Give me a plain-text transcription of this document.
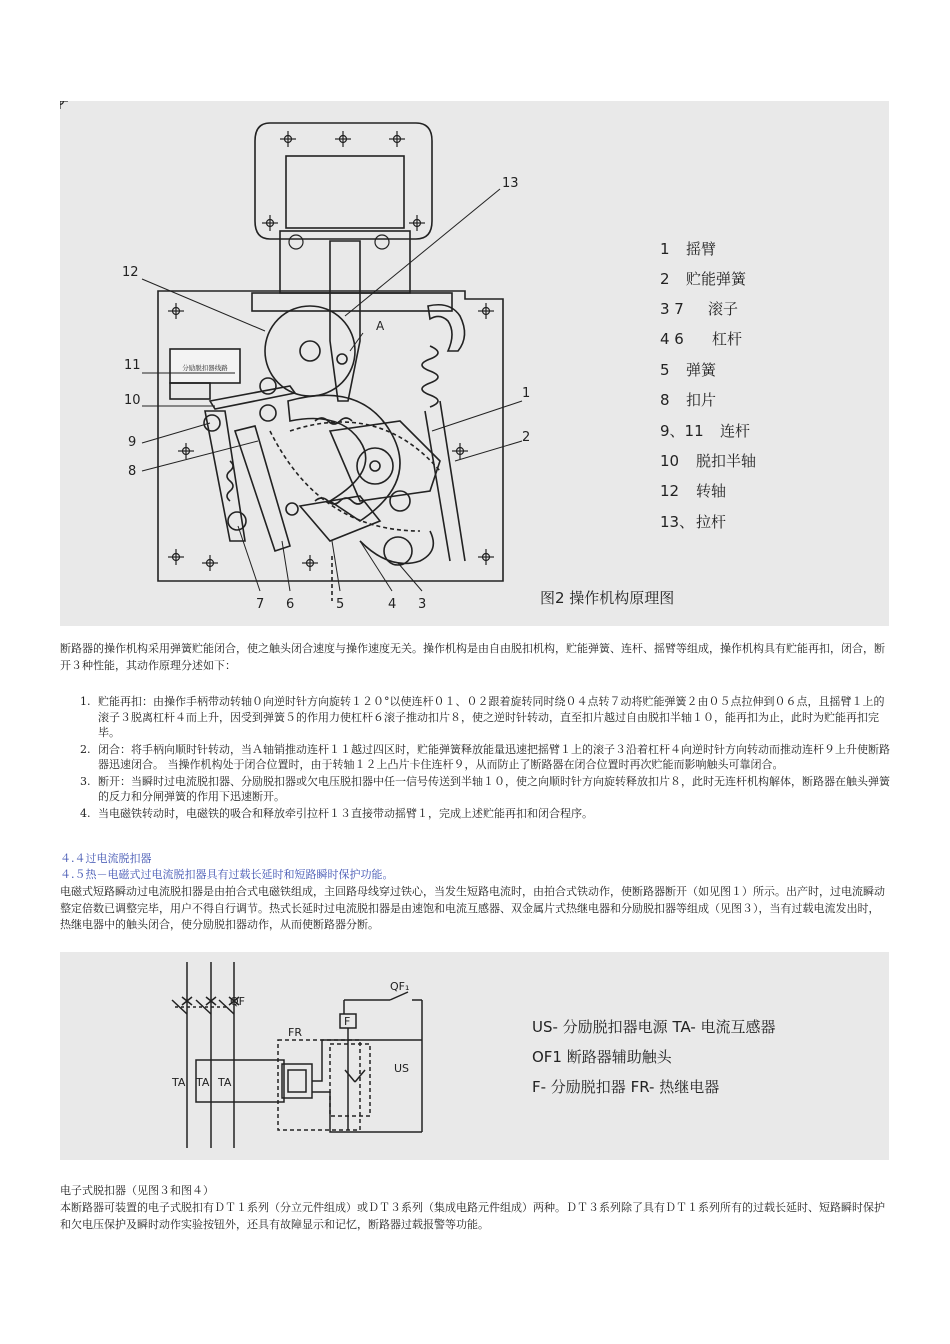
分励脱扣器线路
A
13
12
11
10
9
8
1
2
7 6	5	4 3
1 摇臂
2 贮能弹簧
3 7 滚子
4 6 杠杆
5 弹簧
8 扣片
9、11 连杆
10 脱扣半轴
12 转轴
13、 拉杆
图2 操作机构原理图

断路器的操作机构采用弹簧贮能闭合，使之触头闭合速度与操作速度无关。操作机构是由自由脱扣机构，贮能弹簧、连杆、摇臂等组成，操作机构具有贮能再扣，闭合，断开３种性能，其动作原理分述如下：

1. 贮能再扣：由操作手柄带动转轴０向逆时针方向旋转１２０°以使连杆０１、０２跟着旋转同时绕０４点转７动将贮能弹簧２由０５点拉伸到０６点，且摇臂１上的滚子３脱离杠杆４而上升，因受到弹簧５的作用力使杠杆６滚子推动扣片８，使之逆时针转动，直至扣片越过自由脱扣半轴１０，能再扣为止，此时为贮能再扣完毕。
2. 闭合：将手柄向顺时针转动，当Ａ轴销推动连杆１１越过四区时，贮能弹簧释放能量迅速把摇臂１上的滚子３沿着杠杆４向逆时针方向转动而推动连杆９上升使断路器迅速闭合。 当操作机构处于闭合位置时，由于转轴１２上凸片卡住连杆９，从而防止了断路器在闭合位置时再次贮能而影响触头可靠闭合。
3. 断开：当瞬时过电流脱扣器、分励脱扣器或欠电压脱扣器中任一信号传送到半轴１０，使之向顺时针方向旋转释放扣片８，此时无连杆机构解体，断路器在触头弹簧的反力和分闸弹簧的作用下迅速断开。
4. 当电磁铁转动时，电磁铁的吸合和释放牵引拉杆１３直接带动摇臂１，完成上述贮能再扣和闭合程序。

４.４过电流脱扣器

４.５热－电磁式过电流脱扣器具有过载长延时和短路瞬时保护功能。

电磁式短路瞬动过电流脱扣器是由拍合式电磁铁组成，主回路母线穿过铁心，当发生短路电流时，由拍合式铁动作，使断路器断开（如见图１）所示。出产时，过电流瞬动整定倍数已调整完毕，用户不得自行调节。热式长延时过电流脱扣器是由速饱和电流互感器、双金属片式热继电器和分励脱扣器等组成（见图３），当有过载电流发出时，热继电器中的触头闭合，使分励脱扣器动作，从而使断路器分断。

QF
QF₁
FR
F
US
TA TA TA
US- 分励脱扣器电源 TA- 电流互感器
OF1 断路器辅助触头
F- 分励脱扣器 FR- 热继电器

电子式脱扣器（见图３和图４）

本断路器可装置的电子式脱扣有ＤＴ１系列（分立元件组成）或ＤＴ３系列（集成电路元件组成）两种。ＤＴ３系列除了具有ＤＴ１系列所有的过载长延时、短路瞬时保护和欠电压保护及瞬时动作实验按钮外，还具有故障显示和记忆，断路器过载报警等功能。
